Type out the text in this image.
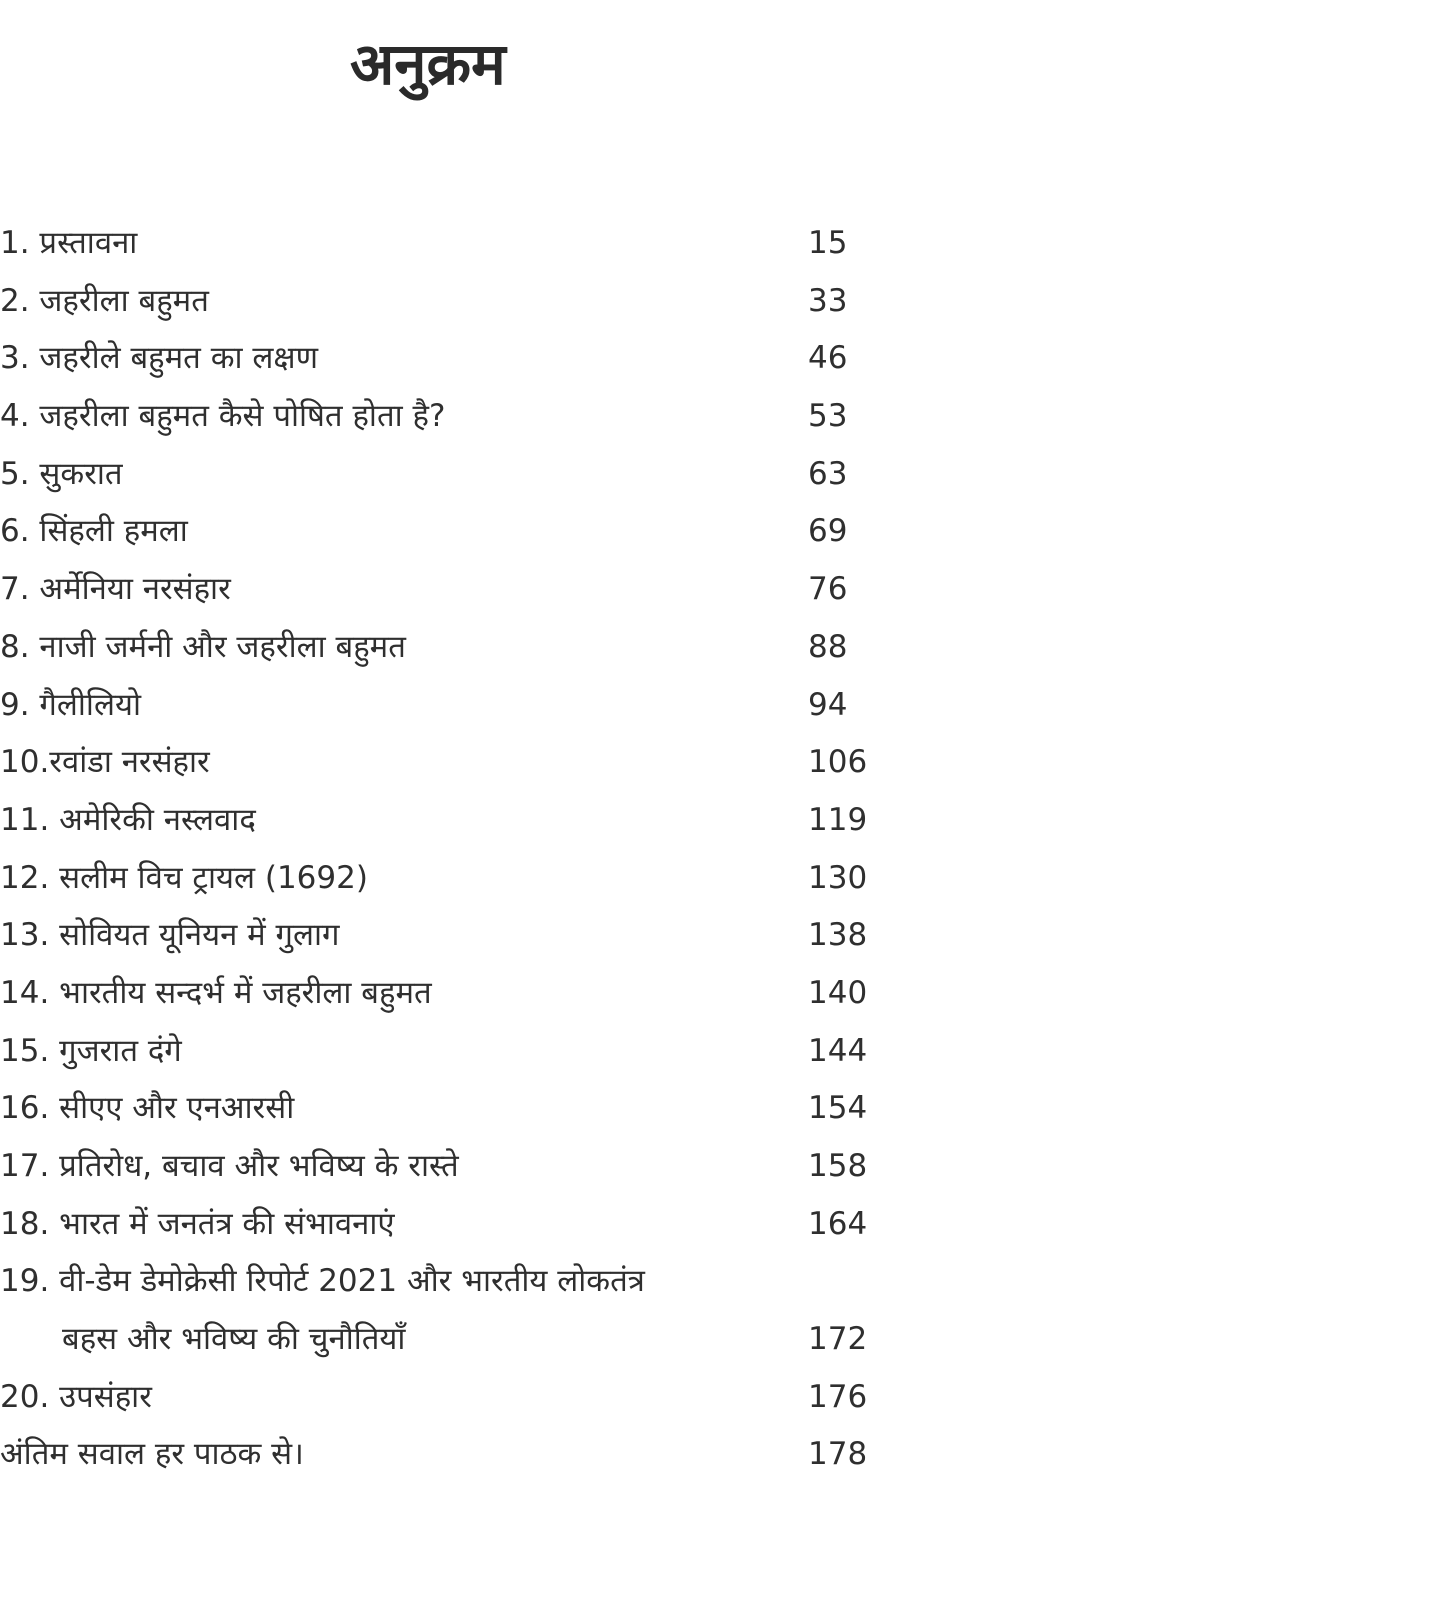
अनुक्रम
1. प्रस्तावना	15
2. जहरीला बहुमत	33
3. जहरीले बहुमत का लक्षण	46
4. जहरीला बहुमत कैसे पोषित होता है?	53
5. सुकरात	63
6. सिंहली हमला	69
7. अर्मेनिया नरसंहार	76
8. नाजी जर्मनी और जहरीला बहुमत	88
9. गैलीलियो	94
10.रवांडा नरसंहार	106
11. अमेरिकी नस्लवाद	119
12. सलीम विच ट्रायल (1692)	130
13. सोवियत यूनियन में गुलाग	138
14. भारतीय सन्दर्भ में जहरीला बहुमत	140
15. गुजरात दंगे	144
16. सीएए और एनआरसी	154
17. प्रतिरोध, बचाव और भविष्य के रास्ते	158
18. भारत में जनतंत्र की संभावनाएं	164
19. वी-डेम डेमोक्रेसी रिपोर्ट 2021 और भारतीय लोकतंत्र
बहस और भविष्य की चुनौतियाँ	172
20. उपसंहार	176
अंतिम सवाल हर पाठक से।	178
